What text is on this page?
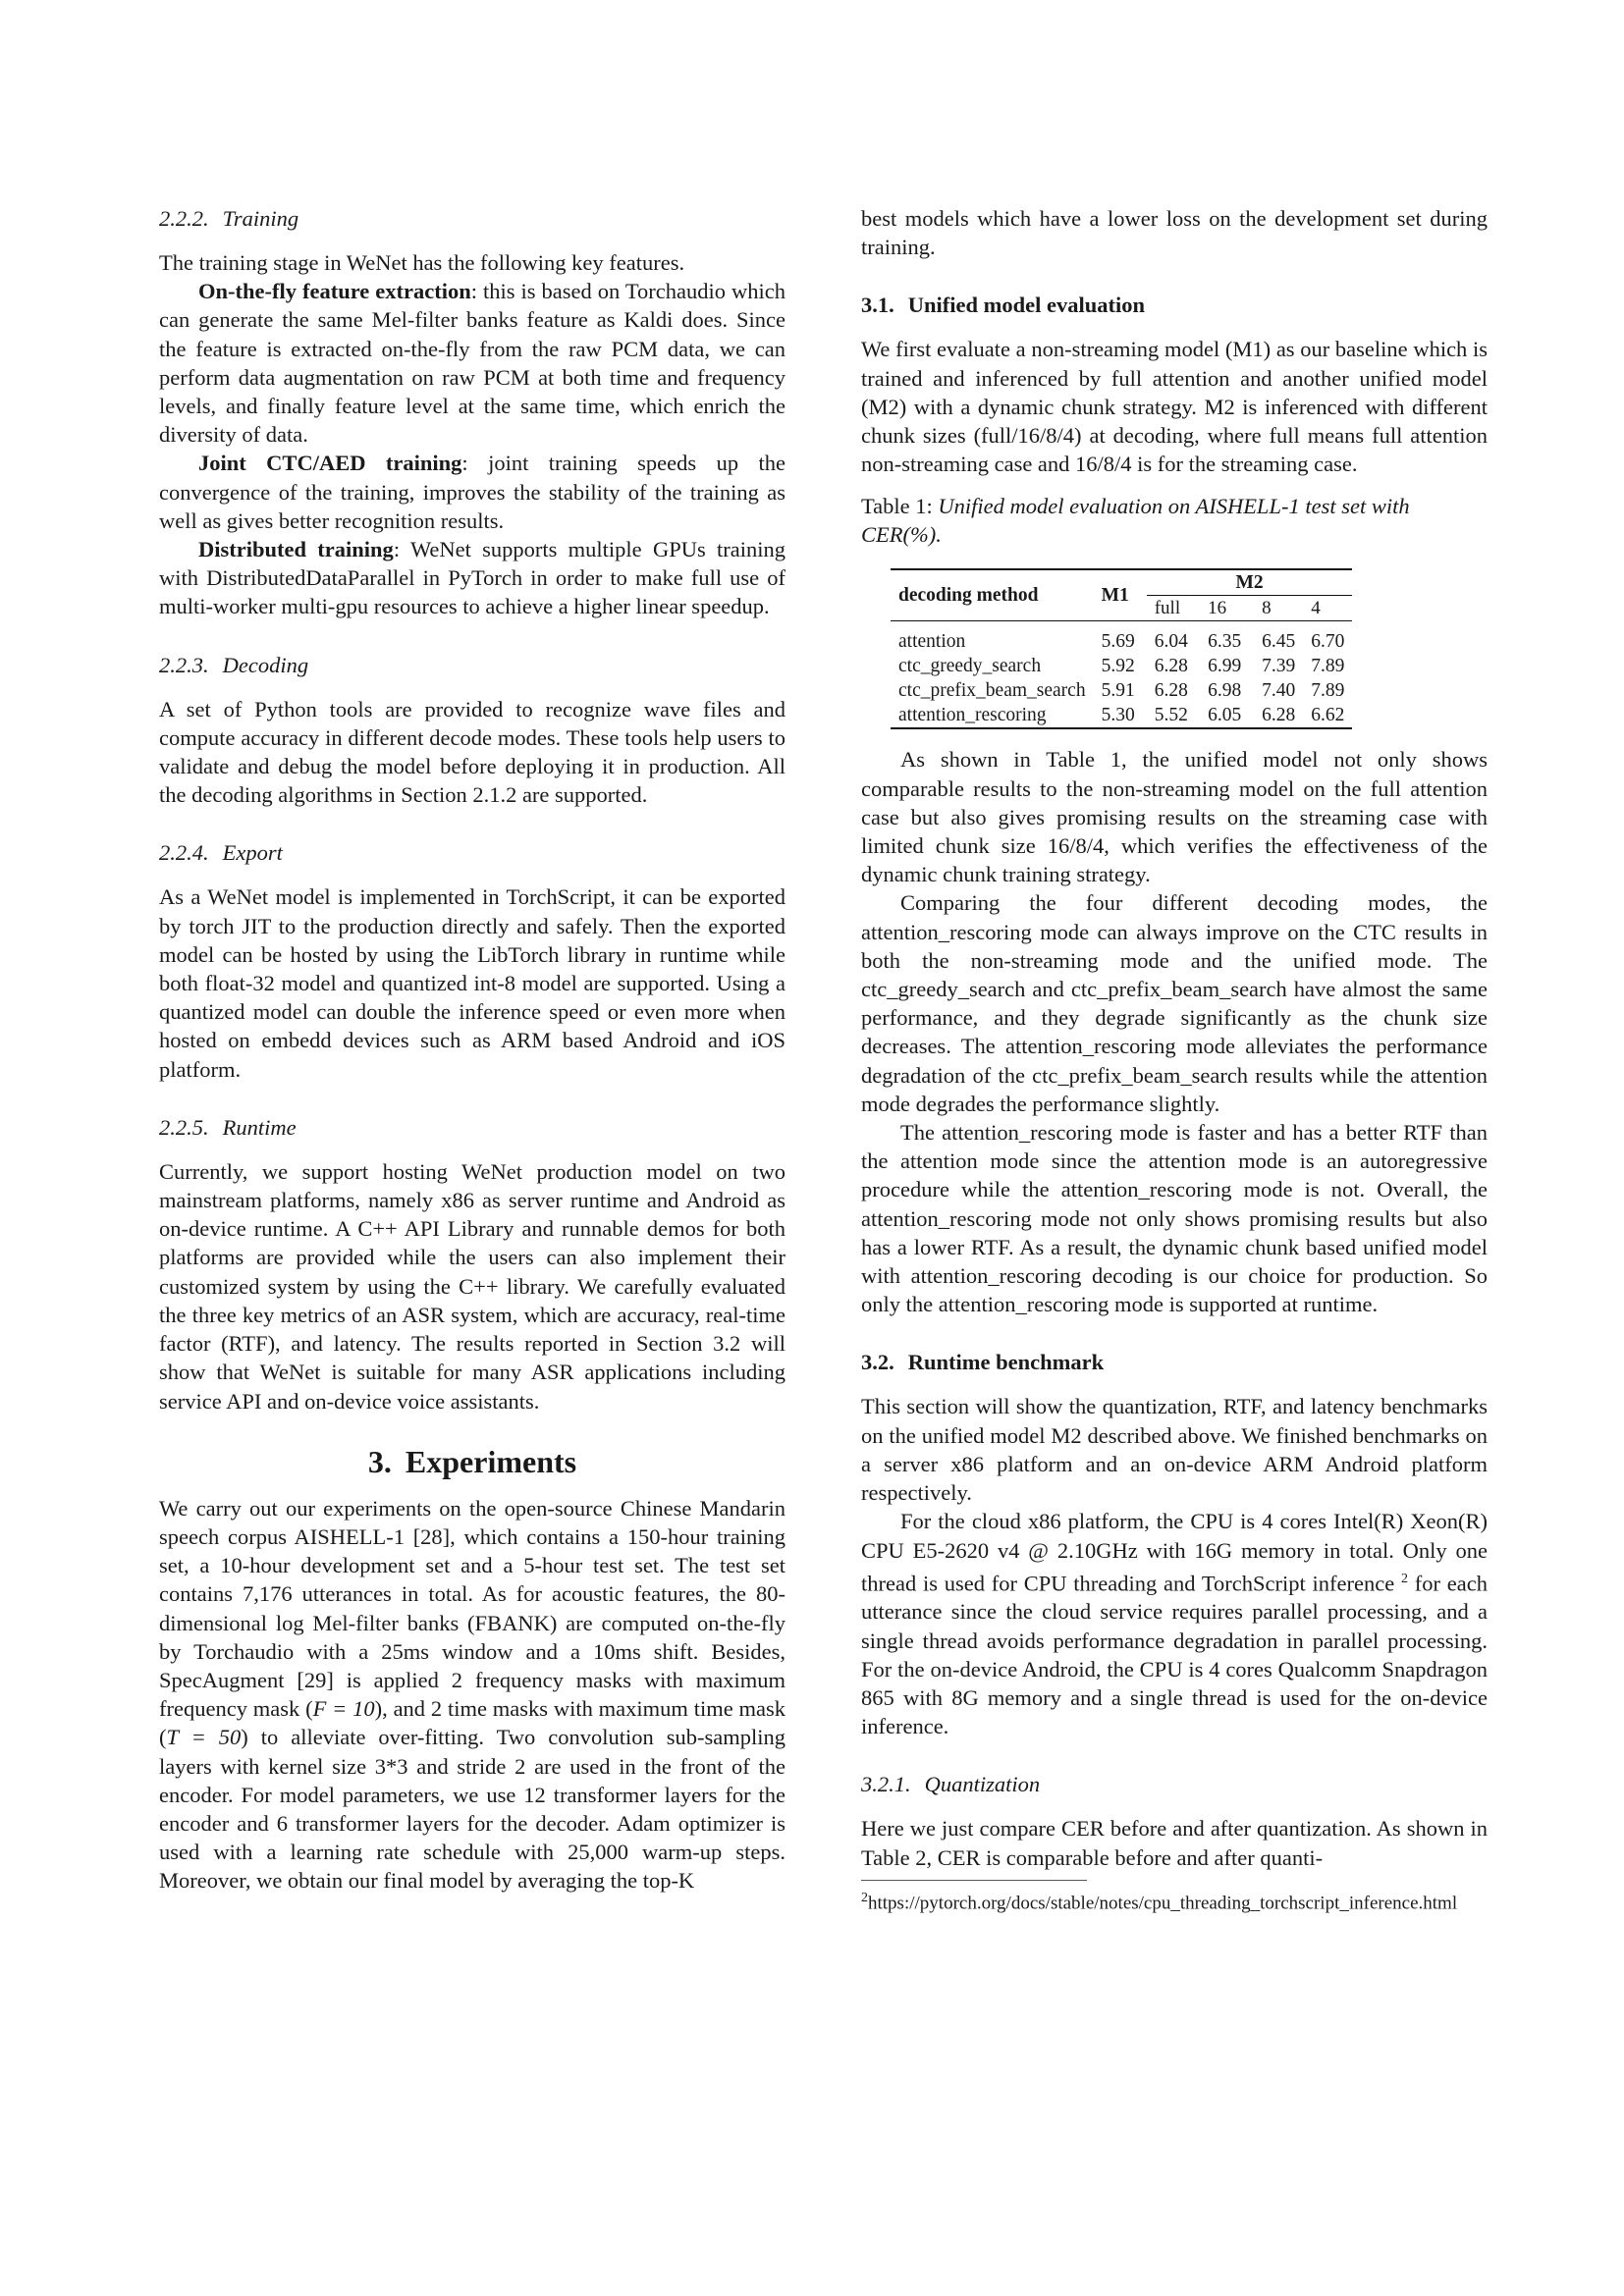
2.2.2. Training

The training stage in WeNet has the following key features.

On-the-fly feature extraction: this is based on Torchaudio which can generate the same Mel-filter banks feature as Kaldi does. Since the feature is extracted on-the-fly from the raw PCM data, we can perform data augmentation on raw PCM at both time and frequency levels, and finally feature level at the same time, which enrich the diversity of data.

Joint CTC/AED training: joint training speeds up the convergence of the training, improves the stability of the training as well as gives better recognition results.

Distributed training: WeNet supports multiple GPUs training with DistributedDataParallel in PyTorch in order to make full use of multi-worker multi-gpu resources to achieve a higher linear speedup.

2.2.3. Decoding

A set of Python tools are provided to recognize wave files and compute accuracy in different decode modes. These tools help users to validate and debug the model before deploying it in production. All the decoding algorithms in Section 2.1.2 are supported.

2.2.4. Export

As a WeNet model is implemented in TorchScript, it can be exported by torch JIT to the production directly and safely. Then the exported model can be hosted by using the LibTorch library in runtime while both float-32 model and quantized int-8 model are supported. Using a quantized model can double the inference speed or even more when hosted on embedd devices such as ARM based Android and iOS platform.

2.2.5. Runtime

Currently, we support hosting WeNet production model on two mainstream platforms, namely x86 as server runtime and Android as on-device runtime. A C++ API Library and runnable demos for both platforms are provided while the users can also implement their customized system by using the C++ library. We carefully evaluated the three key metrics of an ASR system, which are accuracy, real-time factor (RTF), and latency. The results reported in Section 3.2 will show that WeNet is suitable for many ASR applications including service API and on-device voice assistants.

3. Experiments

We carry out our experiments on the open-source Chinese Mandarin speech corpus AISHELL-1 [28], which contains a 150-hour training set, a 10-hour development set and a 5-hour test set. The test set contains 7,176 utterances in total. As for acoustic features, the 80-dimensional log Mel-filter banks (FBANK) are computed on-the-fly by Torchaudio with a 25ms window and a 10ms shift. Besides, SpecAugment [29] is applied 2 frequency masks with maximum frequency mask (F = 10), and 2 time masks with maximum time mask (T = 50) to alleviate over-fitting. Two convolution sub-sampling layers with kernel size 3*3 and stride 2 are used in the front of the encoder. For model parameters, we use 12 transformer layers for the encoder and 6 transformer layers for the decoder. Adam optimizer is used with a learning rate schedule with 25,000 warm-up steps. Moreover, we obtain our final model by averaging the top-K

best models which have a lower loss on the development set during training.

3.1. Unified model evaluation

We first evaluate a non-streaming model (M1) as our baseline which is trained and inferenced by full attention and another unified model (M2) with a dynamic chunk strategy. M2 is inferenced with different chunk sizes (full/16/8/4) at decoding, where full means full attention non-streaming case and 16/8/4 is for the streaming case.

Table 1: Unified model evaluation on AISHELL-1 test set with CER(%).

decoding method	M1	M2			
		full	16	8	4

attention	5.69	6.04	6.35	6.45	6.70
ctc_greedy_search	5.92	6.28	6.99	7.39	7.89
ctc_prefix_beam_search	5.91	6.28	6.98	7.40	7.89
attention_rescoring	5.30	5.52	6.05	6.28	6.62

As shown in Table 1, the unified model not only shows comparable results to the non-streaming model on the full attention case but also gives promising results on the streaming case with limited chunk size 16/8/4, which verifies the effectiveness of the dynamic chunk training strategy.

Comparing the four different decoding modes, the attention_rescoring mode can always improve on the CTC results in both the non-streaming mode and the unified mode. The ctc_greedy_search and ctc_prefix_beam_search have almost the same performance, and they degrade significantly as the chunk size decreases. The attention_rescoring mode alleviates the performance degradation of the ctc_prefix_beam_search results while the attention mode degrades the performance slightly.

The attention_rescoring mode is faster and has a better RTF than the attention mode since the attention mode is an autoregressive procedure while the attention_rescoring mode is not. Overall, the attention_rescoring mode not only shows promising results but also has a lower RTF. As a result, the dynamic chunk based unified model with attention_rescoring decoding is our choice for production. So only the attention_rescoring mode is supported at runtime.

3.2. Runtime benchmark

This section will show the quantization, RTF, and latency benchmarks on the unified model M2 described above. We finished benchmarks on a server x86 platform and an on-device ARM Android platform respectively.

For the cloud x86 platform, the CPU is 4 cores Intel(R) Xeon(R) CPU E5-2620 v4 @ 2.10GHz with 16G memory in total. Only one thread is used for CPU threading and TorchScript inference $^2$ for each utterance since the cloud service requires parallel processing, and a single thread avoids performance degradation in parallel processing. For the on-device Android, the CPU is 4 cores Qualcomm Snapdragon 865 with 8G memory and a single thread is used for the on-device inference.

3.2.1. Quantization

Here we just compare CER before and after quantization. As shown in Table 2, CER is comparable before and after quanti-

$^2$https://pytorch.org/docs/stable/notes/cpu_threading_torchscript_inference.html
